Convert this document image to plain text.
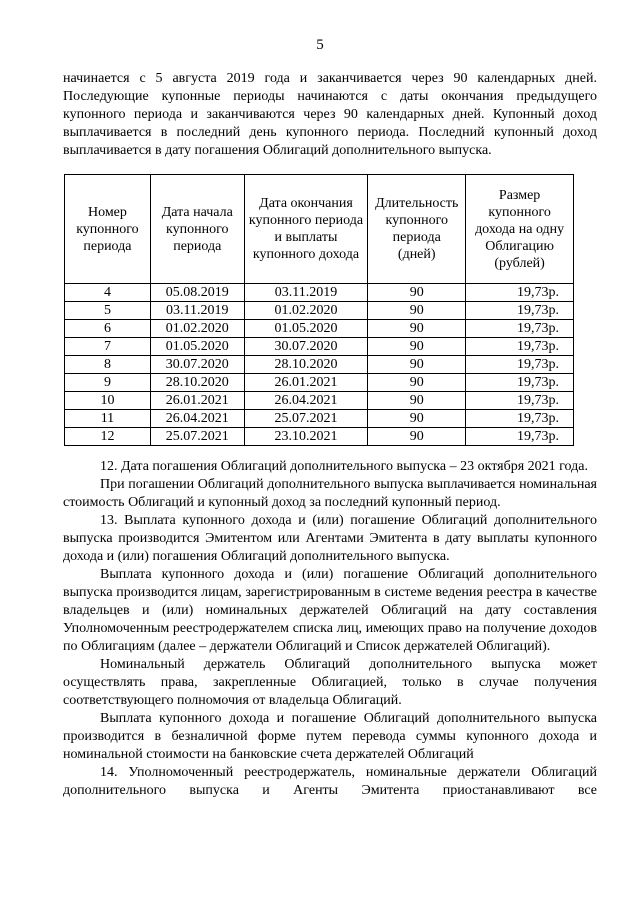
5

начинается с 5 августа 2019 года и заканчивается через 90 календарных дней. Последующие купонные периоды начинаются с даты окончания предыдущего купонного периода и заканчиваются через 90 календарных дней. Купонный доход выплачивается в последний день купонного периода. Последний купонный доход выплачивается в дату погашения Облигаций дополнительного выпуска.

Номер купонного периода	Дата начала купонного периода	Дата окончания купонного периода и выплаты купонного дохода	Длительность купонного периода (дней)	Размер купонного дохода на одну Облигацию (рублей)
4	05.08.2019	03.11.2019	90	19,73р.
5	03.11.2019	01.02.2020	90	19,73р.
6	01.02.2020	01.05.2020	90	19,73р.
7	01.05.2020	30.07.2020	90	19,73р.
8	30.07.2020	28.10.2020	90	19,73р.
9	28.10.2020	26.01.2021	90	19,73р.
10	26.01.2021	26.04.2021	90	19,73р.
11	26.04.2021	25.07.2021	90	19,73р.
12	25.07.2021	23.10.2021	90	19,73р.

12. Дата погашения Облигаций дополнительного выпуска – 23 октября 2021 года.

При погашении Облигаций дополнительного выпуска выплачивается номинальная стоимость Облигаций и купонный доход за последний купонный период.

13. Выплата купонного дохода и (или) погашение Облигаций дополнительного выпуска производится Эмитентом или Агентами Эмитента в дату выплаты купонного дохода и (или) погашения Облигаций дополнительного выпуска.

Выплата купонного дохода и (или) погашение Облигаций дополнительного выпуска производится лицам, зарегистрированным в системе ведения реестра в качестве владельцев и (или) номинальных держателей Облигаций на дату составления Уполномоченным реестродержателем списка лиц, имеющих право на получение доходов по Облигациям (далее – держатели Облигаций и Список держателей Облигаций).

Номинальный держатель Облигаций дополнительного выпуска может осуществлять права, закрепленные Облигацией, только в случае получения соответствующего полномочия от владельца Облигаций.

Выплата купонного дохода и погашение Облигаций дополнительного выпуска производится в безналичной форме путем перевода суммы купонного дохода и номинальной стоимости на банковские счета держателей Облигаций

14. Уполномоченный реестродержатель, номинальные держатели Облигаций дополнительного выпуска и Агенты Эмитента приостанавливают все
